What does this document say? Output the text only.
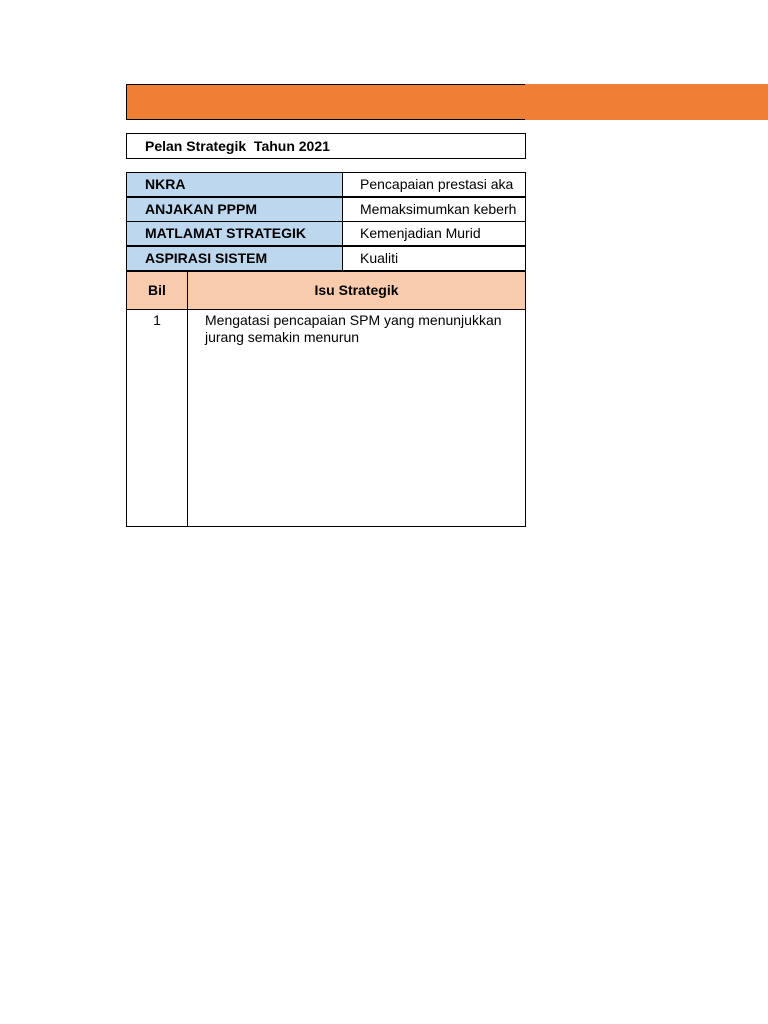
Pelan Strategik  Tahun 2021
NKRA	Pencapaian prestasi aka
ANJAKAN PPPM	Memaksimumkan keberh
MATLAMAT STRATEGIK	Kemenjadian Murid
ASPIRASI SISTEM	Kualiti
Bil	Isu Strategik
1	Mengatasi pencapaian SPM yang menunjukkan jurang semakin menurun
